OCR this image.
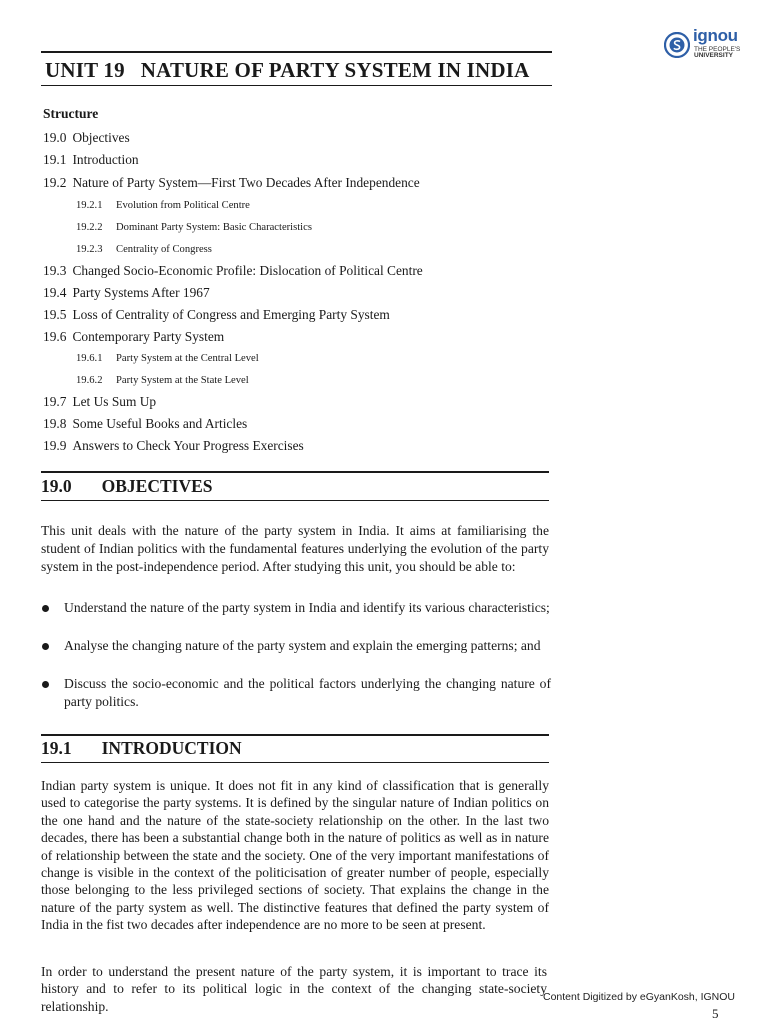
ignou
THE PEOPLE'S
UNIVERSITY
UNIT 19 NATURE OF PARTY SYSTEM IN INDIA
Structure
19.0 Objectives
19.1 Introduction
19.2 Nature of Party System—First Two Decades After Independence
19.2.1 Evolution from Political Centre
19.2.2 Dominant Party System: Basic Characteristics
19.2.3 Centrality of Congress
19.3 Changed Socio-Economic Profile: Dislocation of Political Centre
19.4 Party Systems After 1967
19.5 Loss of Centrality of Congress and Emerging Party System
19.6 Contemporary Party System
19.6.1 Party System at the Central Level
19.6.2 Party System at the State Level
19.7 Let Us Sum Up
19.8 Some Useful Books and Articles
19.9 Answers to Check Your Progress Exercises
19.0 OBJECTIVES
This unit deals with the nature of the party system in India. It aims at familiarising the student of Indian politics with the fundamental features underlying the evolution of the party system in the post-independence period. After studying this unit, you should be able to:
Understand the nature of the party system in India and identify its various characteristics;
Analyse the changing nature of the party system and explain the emerging patterns; and
Discuss the socio-economic and the political factors underlying the changing nature of party politics.
19.1 INTRODUCTION
Indian party system is unique. It does not fit in any kind of classification that is generally used to categorise the party systems. It is defined by the singular nature of Indian politics on the one hand and the nature of the state-society relationship on the other. In the last two decades, there has been a substantial change both in the nature of politics as well as in nature of relationship between the state and the society. One of the very important manifestations of change is visible in the context of the politicisation of greater number of people, especially those belonging to the less privileged sections of society. That explains the change in the nature of the party system as well. The distinctive features that defined the party system of India in the fist two decades after independence are no more to be seen at present.
In order to understand the present nature of the party system, it is important to trace its history and to refer to its political logic in the context of the changing state-society relationship.
Content Digitized by eGyanKosh, IGNOU
5
